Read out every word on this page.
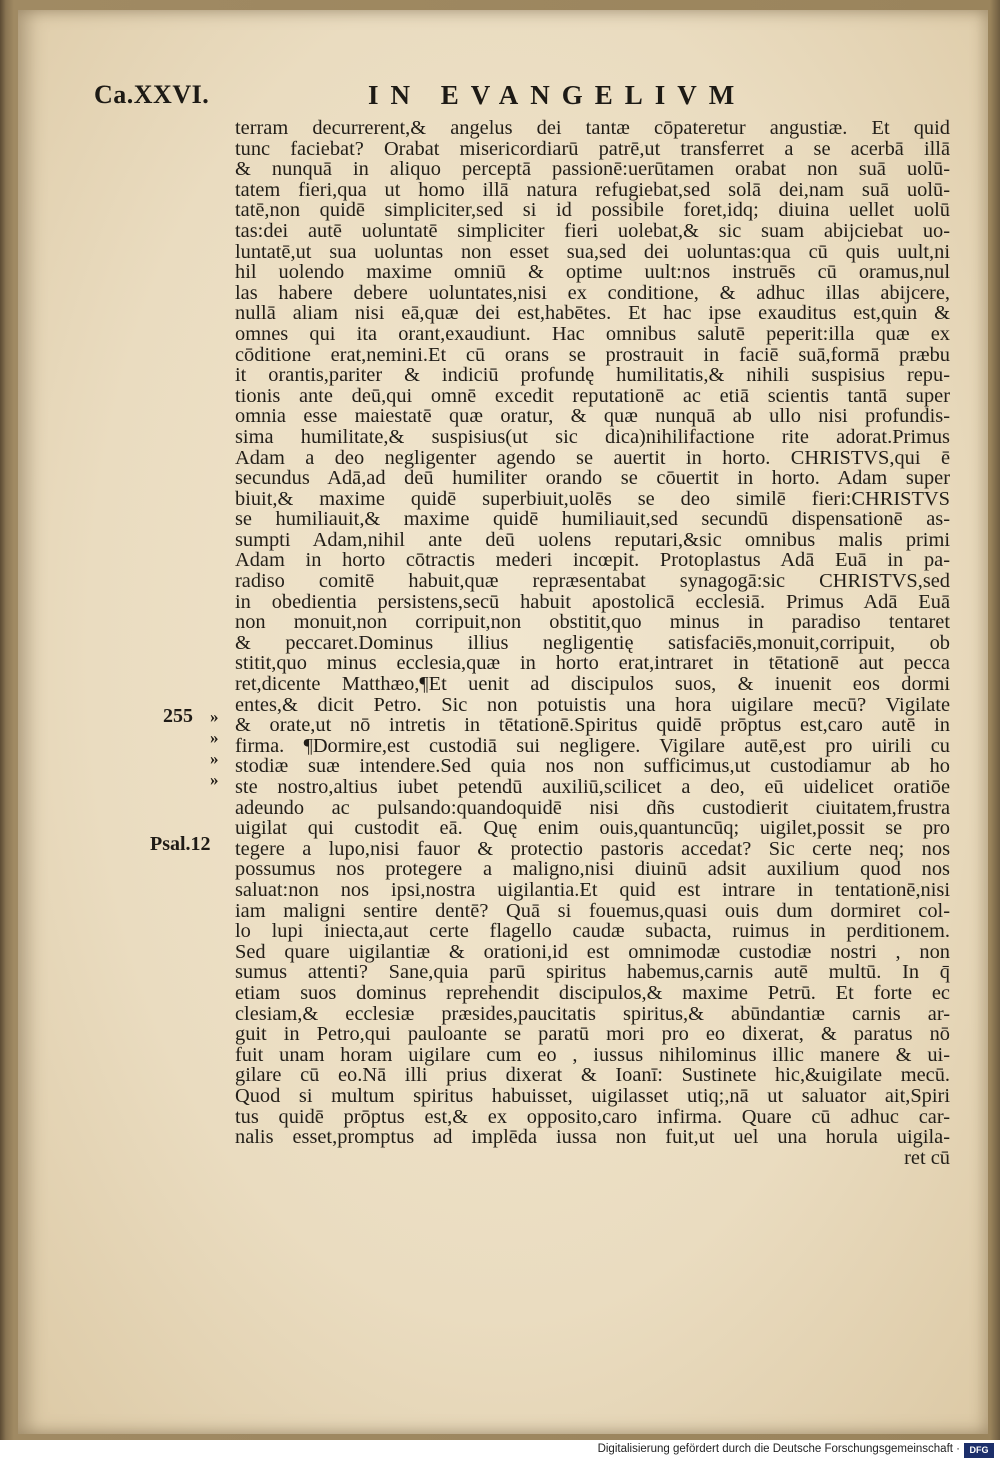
Ca.XXVI.	IN EVANGELIVM
255 »
»
»
»
Psal.12
terram decurrerent,& angelus dei tantæ cōpateretur angustiæ. Et quid
tunc faciebat? Orabat misericordiarū patrē,ut transferret a se acerbā illā
& nunquā in aliquo perceptā passionē:uerūtamen orabat non suā uolū-
tatem fieri,qua ut homo illā natura refugiebat,sed solā dei,nam suā uolū-
tatē,non quidē simpliciter,sed si id possibile foret,idq; diuina uellet uolū
tas:dei autē uoluntatē simpliciter fieri uolebat,& sic suam abijciebat uo-
luntatē,ut sua uoluntas non esset sua,sed dei uoluntas:qua cū quis uult,ni
hil uolendo maxime omniū & optime uult:nos instruēs cū oramus,nul
las habere debere uoluntates,nisi ex conditione, & adhuc illas abijcere,
nullā aliam nisi eā,quæ dei est,habētes. Et hac ipse exauditus est,quin &
omnes qui ita orant,exaudiunt. Hac omnibus salutē peperit:illa quæ ex
cōditione erat,nemini.Et cū orans se prostrauit in faciē suā,formā præbu
it orantis,pariter & indiciū profundę humilitatis,& nihili suspisius repu-
tionis ante deū,qui omnē excedit reputationē ac etiā scientis tantā super
omnia esse maiestatē quæ oratur, & quæ nunquā ab ullo nisi profundis-
sima humilitate,& suspisius(ut sic dica)nihilifactione rite adorat.Primus
Adam a deo negligenter agendo se auertit in horto. CHRISTVS,qui ē
secundus Adā,ad deū humiliter orando se cōuertit in horto. Adam super
biuit,& maxime quidē superbiuit,uolēs se deo similē fieri:CHRISTVS
se humiliauit,& maxime quidē humiliauit,sed secundū dispensationē as-
sumpti Adam,nihil ante deū uolens reputari,&sic omnibus malis primi
Adam in horto cōtractis mederi incœpit. Protoplastus Adā Euā in pa-
radiso comitē habuit,quæ repræsentabat synagogā:sic CHRISTVS,sed
in obedientia persistens,secū habuit apostolicā ecclesiā. Primus Adā Euā
non monuit,non corripuit,non obstitit,quo minus in paradiso tentaret
& peccaret.Dominus illius negligentię satisfaciēs,monuit,corripuit, ob
stitit,quo minus ecclesia,quæ in horto erat,intraret in tētationē aut pecca
ret,dicente Matthæo,¶Et uenit ad discipulos suos, & inuenit eos dormi
entes,& dicit Petro. Sic non potuistis una hora uigilare mecū? Vigilate
& orate,ut nō intretis in tētationē.Spiritus quidē prōptus est,caro autē in
firma. ¶Dormire,est custodiā sui negligere. Vigilare autē,est pro uirili cu
stodiæ suæ intendere.Sed quia nos non sufficimus,ut custodiamur ab ho
ste nostro,altius iubet petendū auxiliū,scilicet a deo, eū uidelicet oratiōe
adeundo ac pulsando:quandoquidē nisi dñs custodierit ciuitatem,frustra
uigilat qui custodit eā. Quę enim ouis,quantuncūq; uigilet,possit se pro
tegere a lupo,nisi fauor & protectio pastoris accedat? Sic certe neq; nos
possumus nos protegere a maligno,nisi diuinū adsit auxilium quod nos
saluat:non nos ipsi,nostra uigilantia.Et quid est intrare in tentationē,nisi
iam maligni sentire dentē? Quā si fouemus,quasi ouis dum dormiret col-
lo lupi iniecta,aut certe flagello caudæ subacta, ruimus in perditionem.
Sed quare uigilantiæ & orationi,id est omnimodæ custodiæ nostri , non
sumus attenti? Sane,quia parū spiritus habemus,carnis autē multū. In q̄
etiam suos dominus reprehendit discipulos,& maxime Petrū. Et forte ec
clesiam,& ecclesiæ præsides,paucitatis spiritus,& abūndantiæ carnis ar-
guit in Petro,qui pauloante se paratū mori pro eo dixerat, & paratus nō
fuit unam horam uigilare cum eo , iussus nihilominus illic manere & ui-
gilare cū eo.Nā illi prius dixerat & Ioanī: Sustinete hic,&uigilate mecū.
Quod si multum spiritus habuisset, uigilasset utiq;,nā ut saluator ait,Spiri
tus quidē prōptus est,& ex opposito,caro infirma. Quare cū adhuc car-
nalis esset,promptus ad implēda iussa non fuit,ut uel una horula uigila-
ret cū
Digitalisierung gefördert durch die Deutsche Forschungsgemeinschaft ·	DFG
